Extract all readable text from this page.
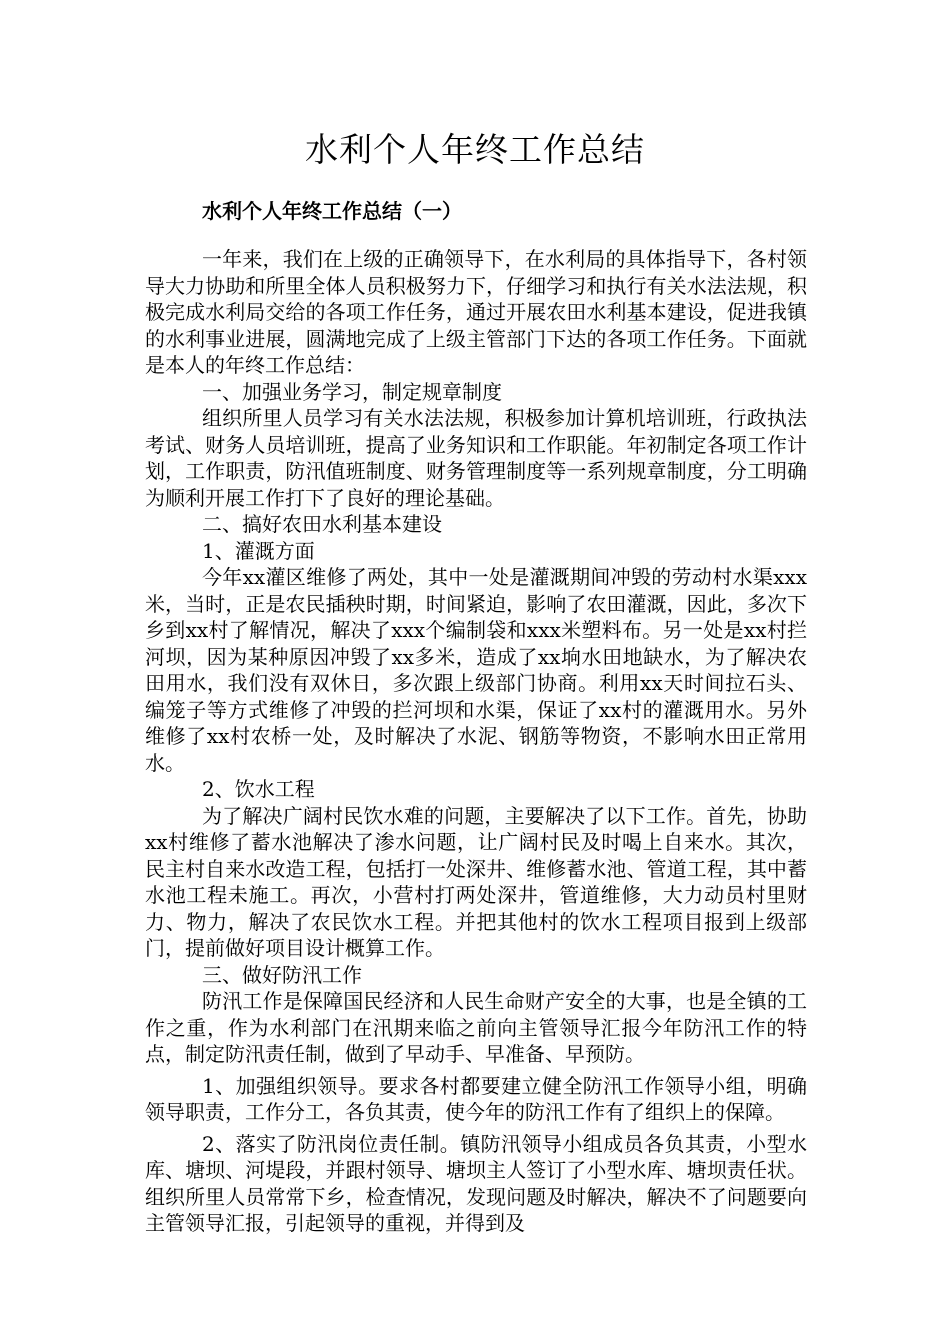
水利个人年终工作总结
水利个人年终工作总结（一）

一年来，我们在上级的正确领导下，在水利局的具体指导下，各村领导大力协助和所里全体人员积极努力下，仔细学习和执行有关水法法规，积极完成水利局交给的各项工作任务，通过开展农田水利基本建设，促进我镇的水利事业进展，圆满地完成了上级主管部门下达的各项工作任务。下面就是本人的年终工作总结：

一、加强业务学习，制定规章制度

组织所里人员学习有关水法法规，积极参加计算机培训班，行政执法考试、财务人员培训班，提高了业务知识和工作职能。年初制定各项工作计划，工作职责，防汛值班制度、财务管理制度等一系列规章制度，分工明确为顺利开展工作打下了良好的理论基础。

二、搞好农田水利基本建设

1、灌溉方面

今年xx灌区维修了两处，其中一处是灌溉期间冲毁的劳动村水渠xxx米，当时，正是农民插秧时期，时间紧迫，影响了农田灌溉，因此，多次下乡到xx村了解情况，解决了xxx个编制袋和xxx米塑料布。另一处是xx村拦河坝，因为某种原因冲毁了xx多米，造成了xx垧水田地缺水，为了解决农田用水，我们没有双休日，多次跟上级部门协商。利用xx天时间拉石头、编笼子等方式维修了冲毁的拦河坝和水渠，保证了xx村的灌溉用水。另外维修了xx村农桥一处，及时解决了水泥、钢筋等物资，不影响水田正常用水。

2、饮水工程

为了解决广阔村民饮水难的问题，主要解决了以下工作。首先，协助xx村维修了蓄水池解决了渗水问题，让广阔村民及时喝上自来水。其次，民主村自来水改造工程，包括打一处深井、维修蓄水池、管道工程，其中蓄水池工程未施工。再次，小营村打两处深井，管道维修，大力动员村里财力、物力，解决了农民饮水工程。并把其他村的饮水工程项目报到上级部门，提前做好项目设计概算工作。

三、做好防汛工作

防汛工作是保障国民经济和人民生命财产安全的大事，也是全镇的工作之重，作为水利部门在汛期来临之前向主管领导汇报今年防汛工作的特点，制定防汛责任制，做到了早动手、早准备、早预防。

1、加强组织领导。要求各村都要建立健全防汛工作领导小组，明确领导职责，工作分工，各负其责，使今年的防汛工作有了组织上的保障。

2、落实了防汛岗位责任制。镇防汛领导小组成员各负其责，小型水库、塘坝、河堤段，并跟村领导、塘坝主人签订了小型水库、塘坝责任状。组织所里人员常常下乡，检查情况，发现问题及时解决，解决不了问题要向主管领导汇报，引起领导的重视，并得到及
